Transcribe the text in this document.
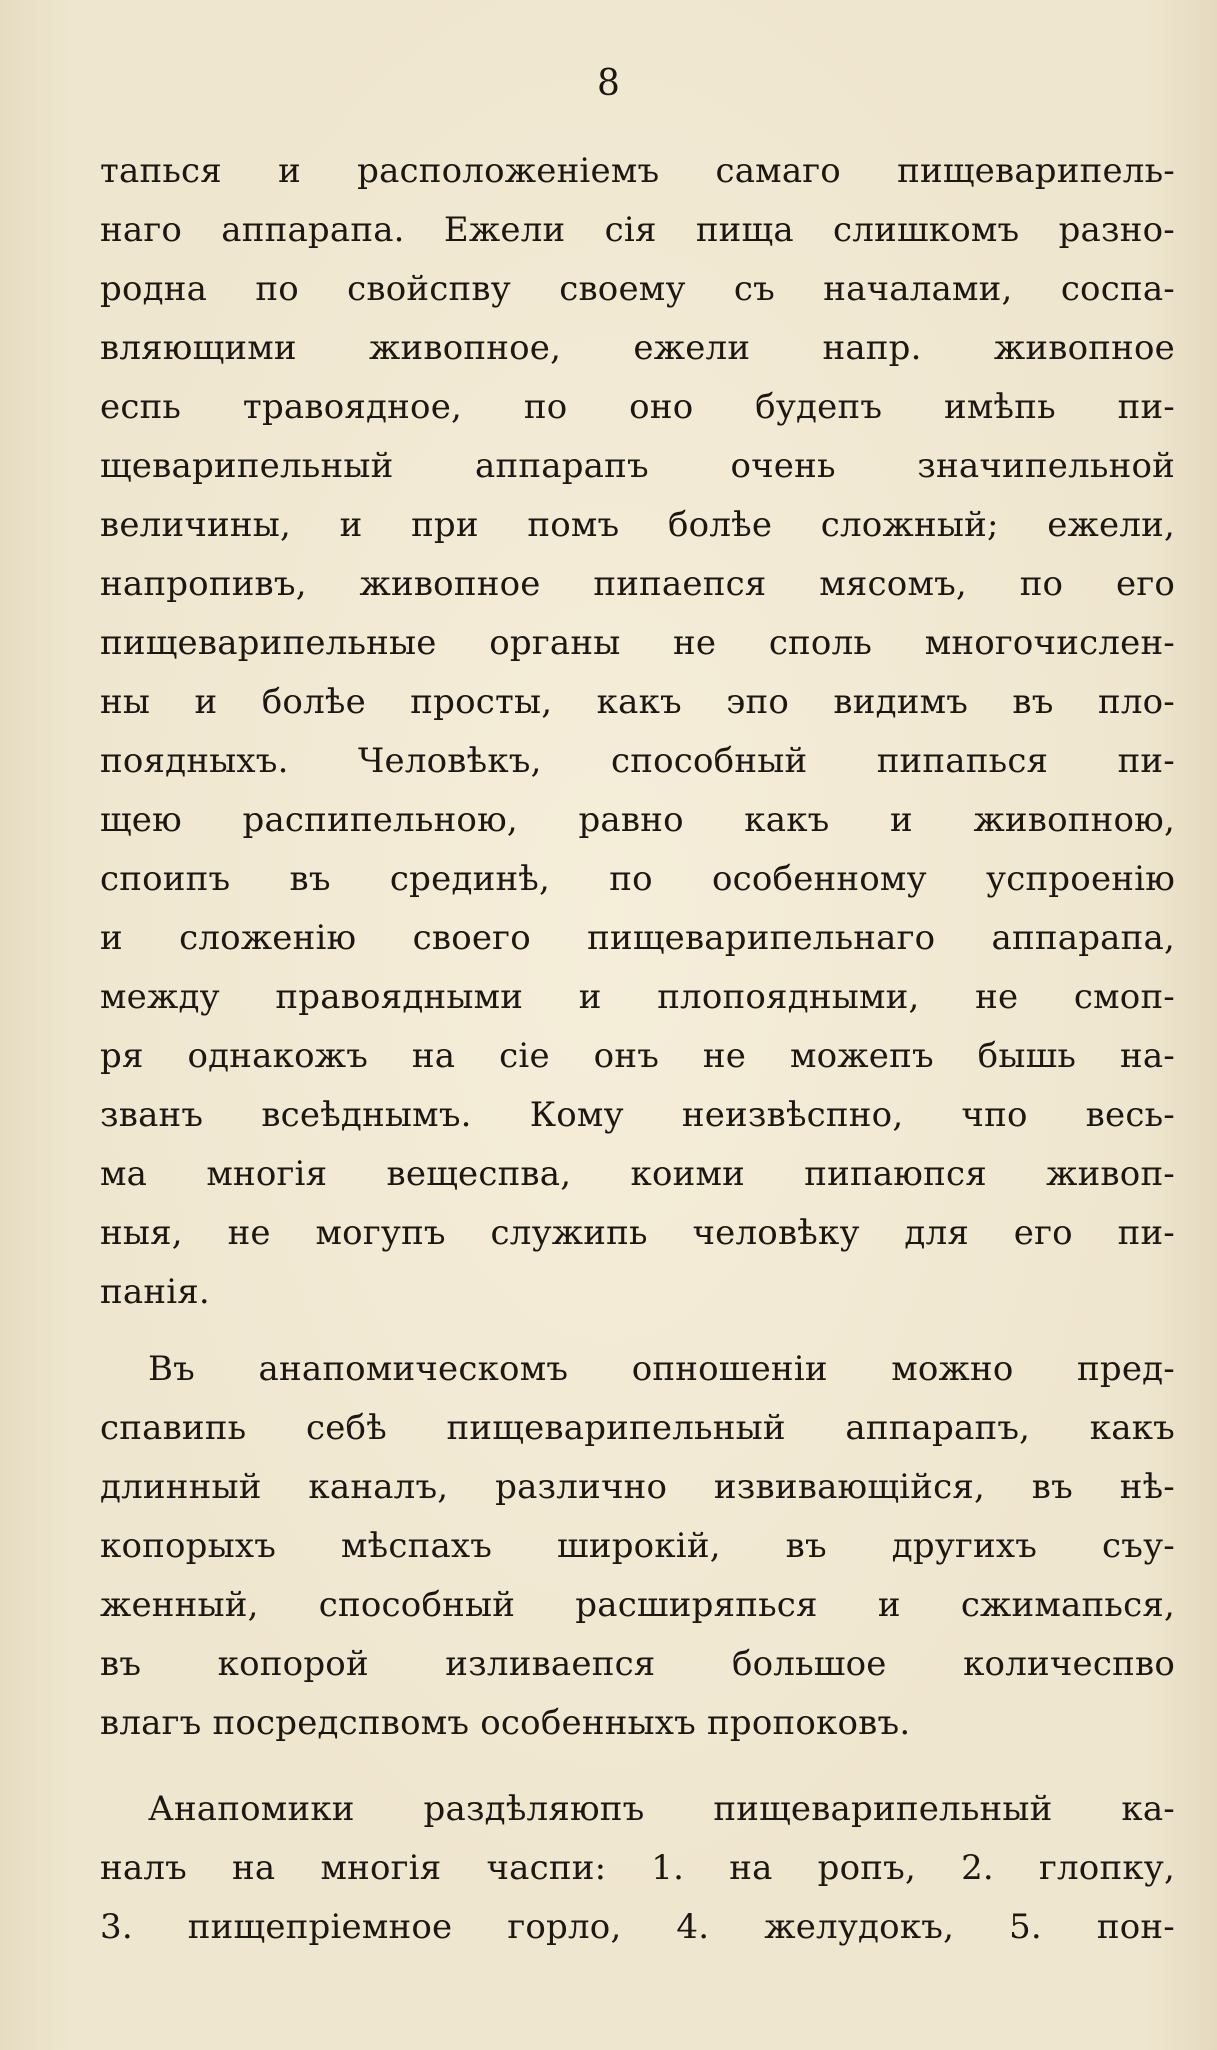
8
тапься и расположеніемъ самаго пищеварипель-
наго аппарапа. Ежели сія пища слишкомъ разно-
родна по свойспву своему съ началами, соспа-
вляющими живопное, ежели напр. живопное
еспь травоядное, по оно будепъ имѣпь пи-
щеварипельный аппарапъ очень значипельной
величины, и при помъ болѣе сложный; ежели,
напропивъ, живопное пипаепся мясомъ, по его
пищеварипельные органы не споль многочислен-
ны и болѣе просты, какъ эпо видимъ въ пло-
поядныхъ. Человѣкъ, способный пипапься пи-
щею распипельною, равно какъ и живопною,
споипъ въ срединѣ, по особенному успроенію
и сложенію своего пищеварипельнаго аппарапа,
между правоядными и плопоядными, не смоп-
ря однакожъ на сіе онъ не можепъ бышь на-
званъ всеѣднымъ. Кому неизвѣспно, чпо весь-
ма многія вещеспва, коими пипаюпся живоп-
ныя, не могупъ служипь человѣку для его пи-
панія.
Въ анапомическомъ опношеніи можно пред-
спавипь себѣ пищеварипельный аппарапъ, какъ
длинный каналъ, различно извивающійся, въ нѣ-
копорыхъ мѣспахъ широкій, въ другихъ съу-
женный, способный расширяпься и сжимапься,
въ копорой изливаепся большое количеспво
влагъ посредспвомъ особенныхъ пропоковъ.
Анапомики раздѣляюпъ пищеварипельный ка-
налъ на многія часпи: 1. на ропъ, 2. глопку,
3. пищепріемное горло, 4. желудокъ, 5. пон-
